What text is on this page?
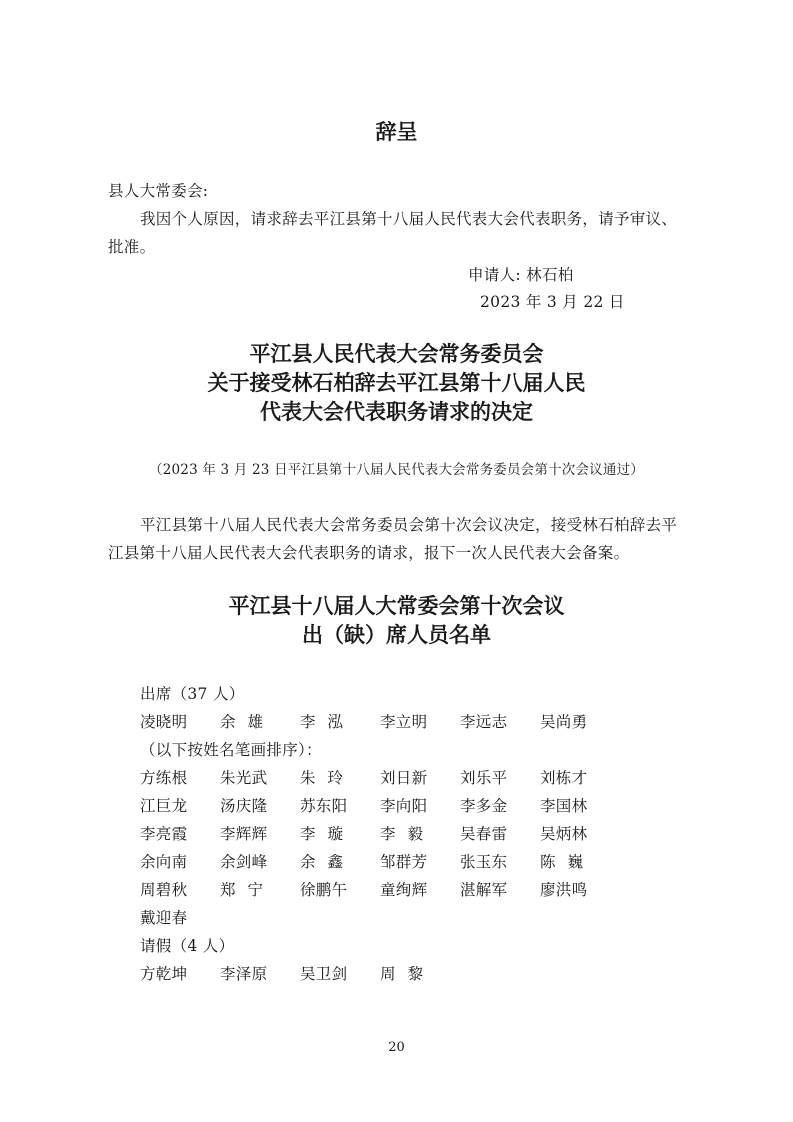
辞呈
县人大常委会:
我因个人原因，请求辞去平江县第十八届人民代表大会代表职务，请予审议、
批准。
申请人: 林石柏
2023 年 3 月 22 日
平江县人民代表大会常务委员会
关于接受林石柏辞去平江县第十八届人民
代表大会代表职务请求的决定
（2023 年 3 月 23 日平江县第十八届人民代表大会常务委员会第十次会议通过）
平江县第十八届人民代表大会常务委员会第十次会议决定，接受林石柏辞去平
江县第十八届人民代表大会代表职务的请求，报下一次人民代表大会备案。
平江县十八届人大常委会第十次会议
出（缺）席人员名单
出席（37 人）
凌晓明 余雄 李泓 李立明 李远志 吴尚勇
（以下按姓名笔画排序）：
方练根 朱光武 朱玲 刘日新 刘乐平 刘栋才
江巨龙 汤庆隆 苏东阳 李向阳 李多金 李国林
李亮霞 李辉辉 李璇 李毅 吴春雷 吴炳林
余向南 余剑峰 余鑫 邹群芳 张玉东 陈巍
周碧秋 郑宁 徐鹏午 童绚辉 湛解军 廖洪鸣
戴迎春
请假（4 人）
方乾坤 李泽原 吴卫剑 周黎
20
